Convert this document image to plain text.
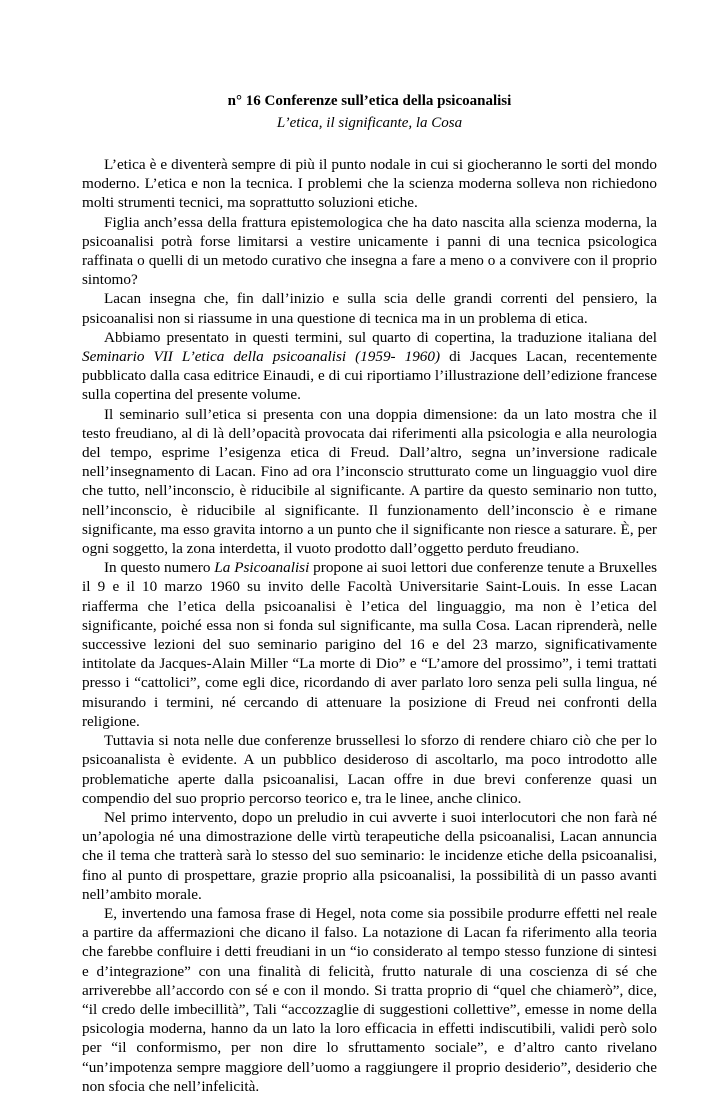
n° 16 Conferenze sull’etica della psicoanalisi
L’etica, il significante, la Cosa

L’etica è e diventerà sempre di più il punto nodale in cui si giocheranno le sorti del mondo moderno. L’etica e non la tecnica. I problemi che la scienza moderna solleva non richiedono molti strumenti tecnici, ma soprattutto soluzioni etiche.

Figlia anch’essa della frattura epistemologica che ha dato nascita alla scienza moderna, la psicoanalisi potrà forse limitarsi a vestire unicamente i panni di una tecnica psicologica raffinata o quelli di un metodo curativo che insegna a fare a meno o a convivere con il proprio sintomo?

Lacan insegna che, fin dall’inizio e sulla scia delle grandi correnti del pensiero, la psicoanalisi non si riassume in una questione di tecnica ma in un problema di etica.

Abbiamo presentato in questi termini, sul quarto di copertina, la traduzione italiana del Seminario VII L’etica della psicoanalisi (1959- 1960) di Jacques Lacan, recentemente pubblicato dalla casa editrice Einaudi, e di cui riportiamo l’illustrazione dell’edizione francese sulla copertina del presente volume.

Il seminario sull’etica si presenta con una doppia dimensione: da un lato mostra che il testo freudiano, al di là dell’opacità provocata dai riferimenti alla psicologia e alla neurologia del tempo, esprime l’esigenza etica di Freud. Dall’altro, segna un’inversione radicale nell’insegnamento di Lacan. Fino ad ora l’inconscio strutturato come un linguaggio vuol dire che tutto, nell’inconscio, è riducibile al significante. A partire da questo seminario non tutto, nell’inconscio, è riducibile al significante. Il funzionamento dell’inconscio è e rimane significante, ma esso gravita intorno a un punto che il significante non riesce a saturare. È, per ogni soggetto, la zona interdetta, il vuoto prodotto dall’oggetto perduto freudiano.

In questo numero La Psicoanalisi propone ai suoi lettori due conferenze tenute a Bruxelles il 9 e il 10 marzo 1960 su invito delle Facoltà Universitarie Saint-Louis. In esse Lacan riafferma che l’etica della psicoanalisi è l’etica del linguaggio, ma non è l’etica del significante, poiché essa non si fonda sul significante, ma sulla Cosa. Lacan riprenderà, nelle successive lezioni del suo seminario parigino del 16 e del 23 marzo, significativamente intitolate da Jacques-Alain Miller “La morte di Dio” e “L’amore del prossimo”, i temi trattati presso i “cattolici”, come egli dice, ricordando di aver parlato loro senza peli sulla lingua, né misurando i termini, né cercando di attenuare la posizione di Freud nei confronti della religione.

Tuttavia si nota nelle due conferenze brussellesi lo sforzo di rendere chiaro ciò che per lo psicoanalista è evidente. A un pubblico desideroso di ascoltarlo, ma poco introdotto alle problematiche aperte dalla psicoanalisi, Lacan offre in due brevi conferenze quasi un compendio del suo proprio percorso teorico e, tra le linee, anche clinico.

Nel primo intervento, dopo un preludio in cui avverte i suoi interlocutori che non farà né un’apologia né una dimostrazione delle virtù terapeutiche della psicoanalisi, Lacan annuncia che il tema che tratterà sarà lo stesso del suo seminario: le incidenze etiche della psicoanalisi, fino al punto di prospettare, grazie proprio alla psicoanalisi, la possibilità di un passo avanti nell’ambito morale.

E, invertendo una famosa frase di Hegel, nota come sia possibile produrre effetti nel reale a partire da affermazioni che dicano il falso. La notazione di Lacan fa riferimento alla teoria che farebbe confluire i detti freudiani in un “io considerato al tempo stesso funzione di sintesi e d’integrazione” con una finalità di felicità, frutto naturale di una coscienza di sé che arriverebbe all’accordo con sé e con il mondo. Si tratta proprio di “quel che chiamerò”, dice, “il credo delle imbecillità”, Tali “accozzaglie di suggestioni collettive”, emesse in nome della psicologia moderna, hanno da un lato la loro efficacia in effetti indiscutibili, validi però solo per “il conformismo, per non dire lo sfruttamento sociale”, e d’altro canto rivelano “un’impotenza sempre maggiore dell’uomo a raggiungere il proprio desiderio”, desiderio che non sfocia che nell’infelicità.
